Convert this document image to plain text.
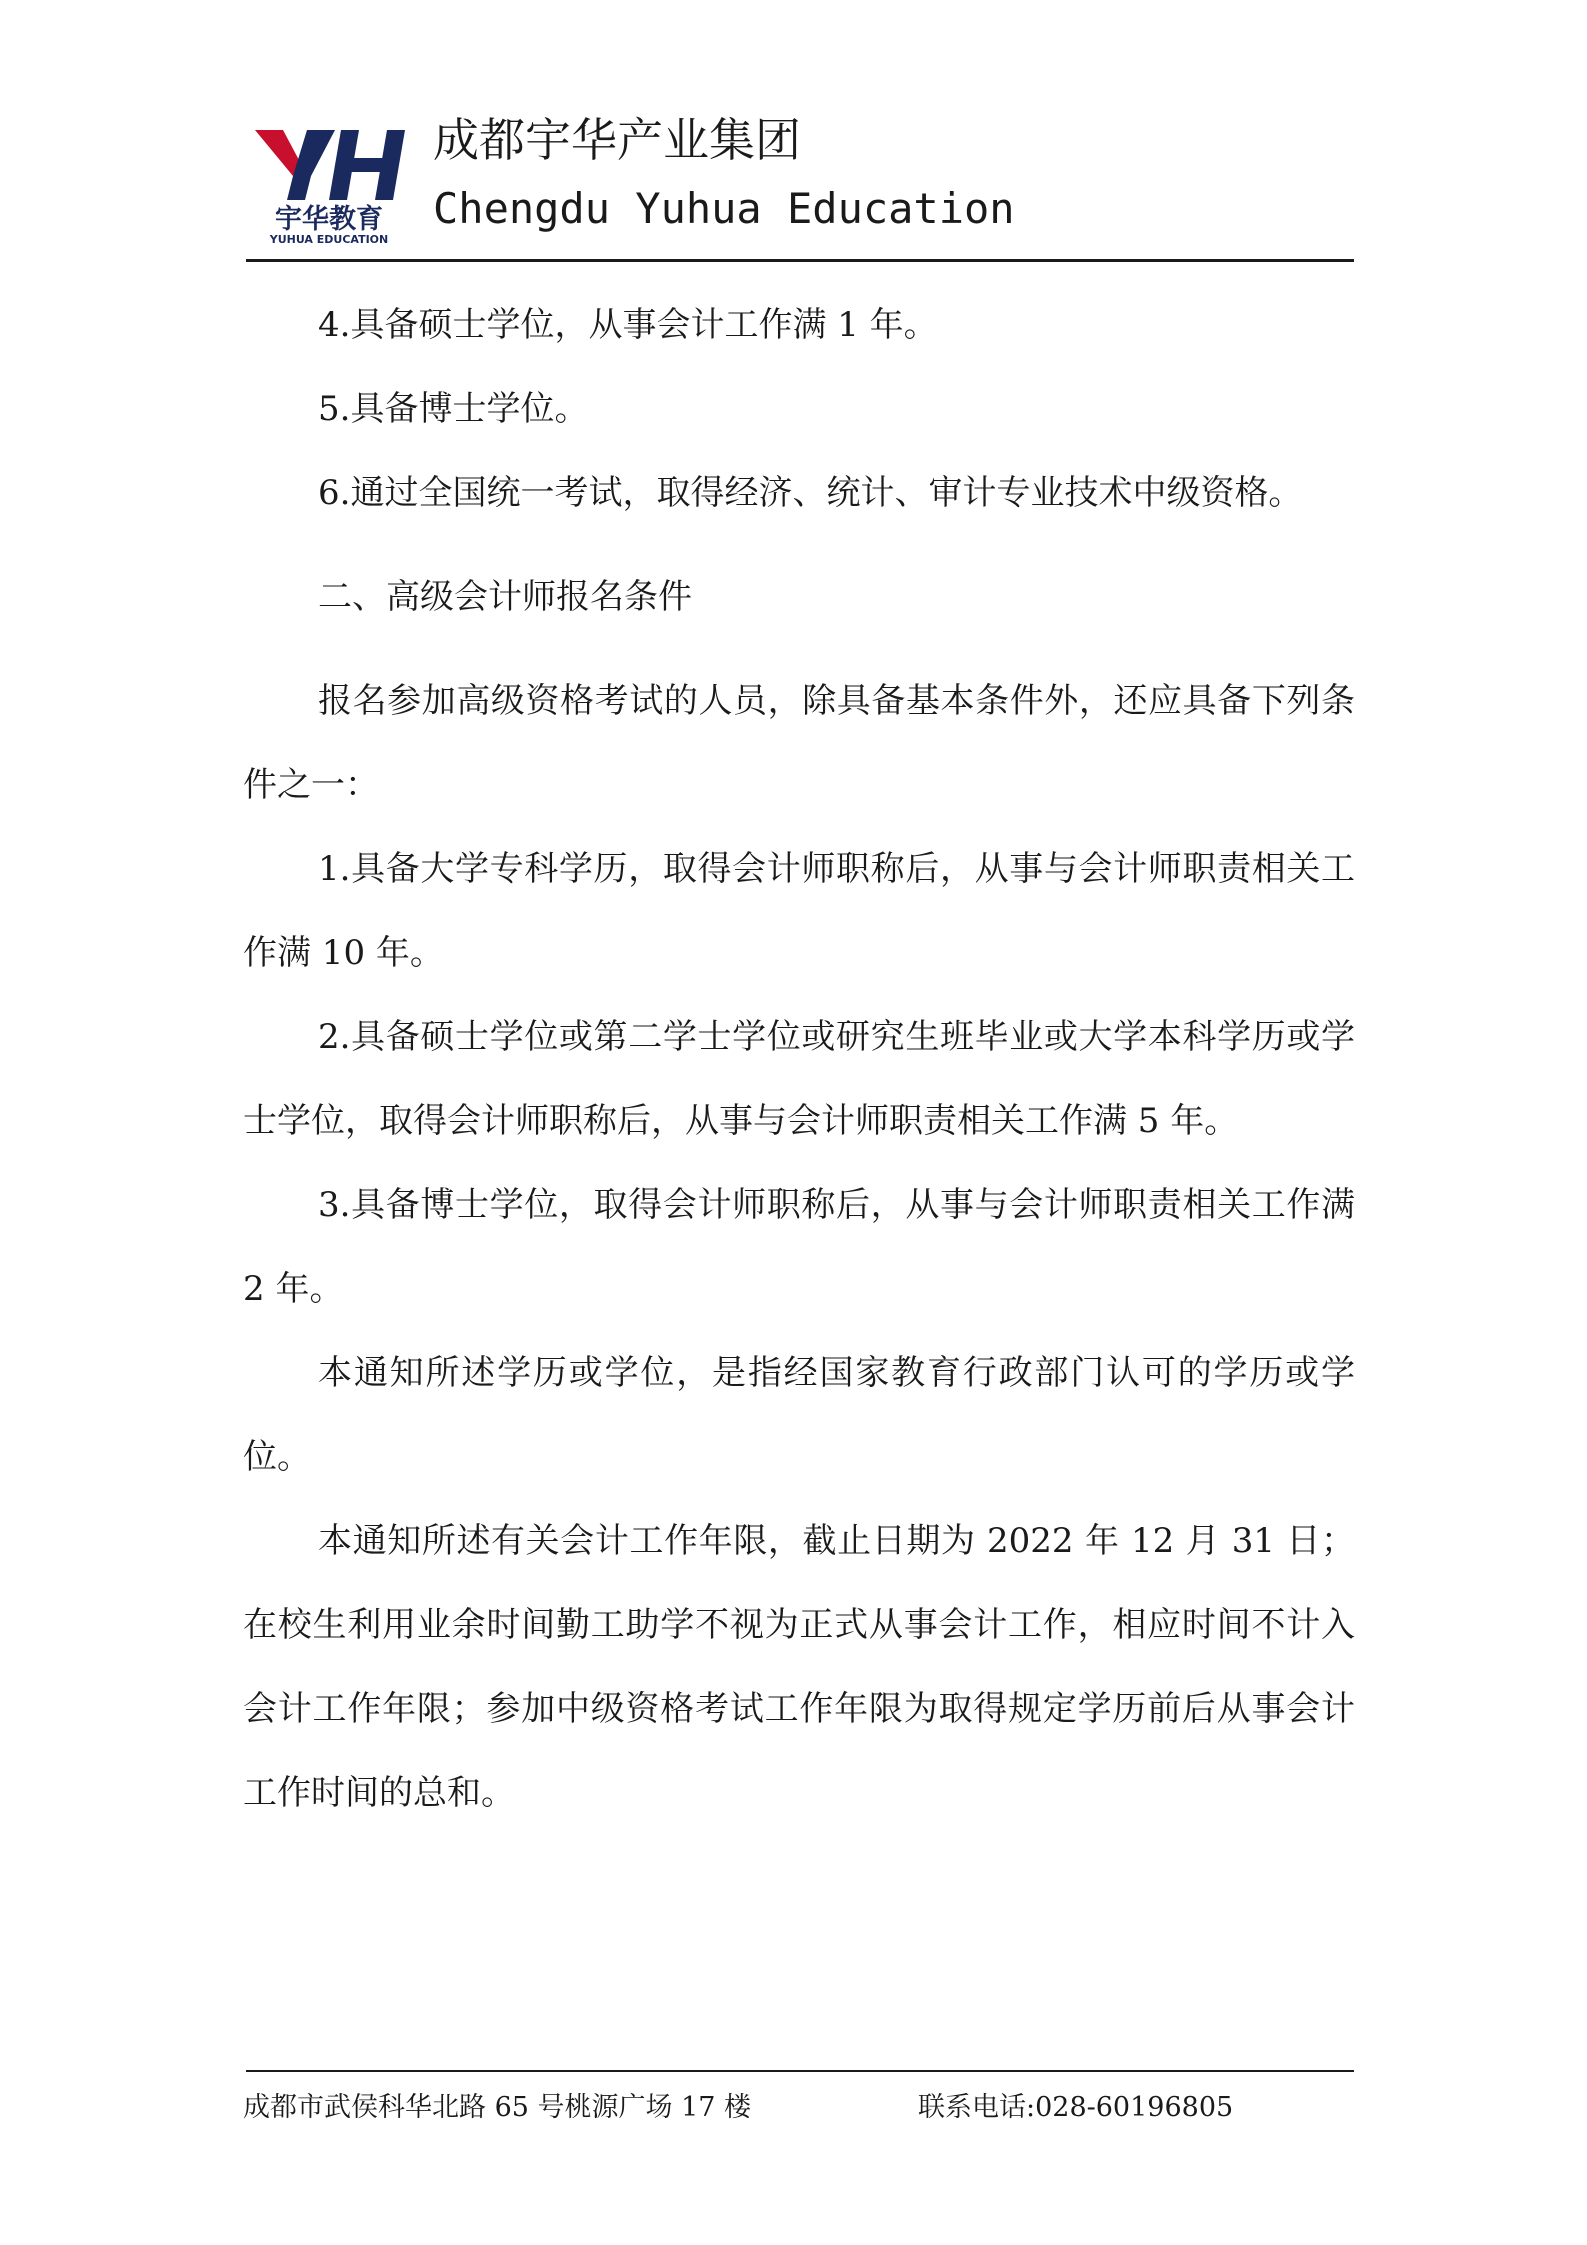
宇华教育
YUHUA EDUCATION
成都宇华产业集团
Chengdu Yuhua Education

4.具备硕士学位，从事会计工作满 1 年。

5.具备博士学位。

6.通过全国统一考试，取得经济、统计、审计专业技术中级资格。

二、高级会计师报名条件

报名参加高级资格考试的人员，除具备基本条件外，还应具备下列条件之一：

1.具备大学专科学历，取得会计师职称后，从事与会计师职责相关工作满 10 年。

2.具备硕士学位或第二学士学位或研究生班毕业或大学本科学历或学士学位，取得会计师职称后，从事与会计师职责相关工作满 5 年。

3.具备博士学位，取得会计师职称后，从事与会计师职责相关工作满 2 年。

本通知所述学历或学位，是指经国家教育行政部门认可的学历或学位。

本通知所述有关会计工作年限，截止日期为 2022 年 12 月 31 日；在校生利用业余时间勤工助学不视为正式从事会计工作，相应时间不计入会计工作年限；参加中级资格考试工作年限为取得规定学历前后从事会计工作时间的总和。

成都市武侯科华北路 65 号桃源广场 17 楼	联系电话:028-60196805
